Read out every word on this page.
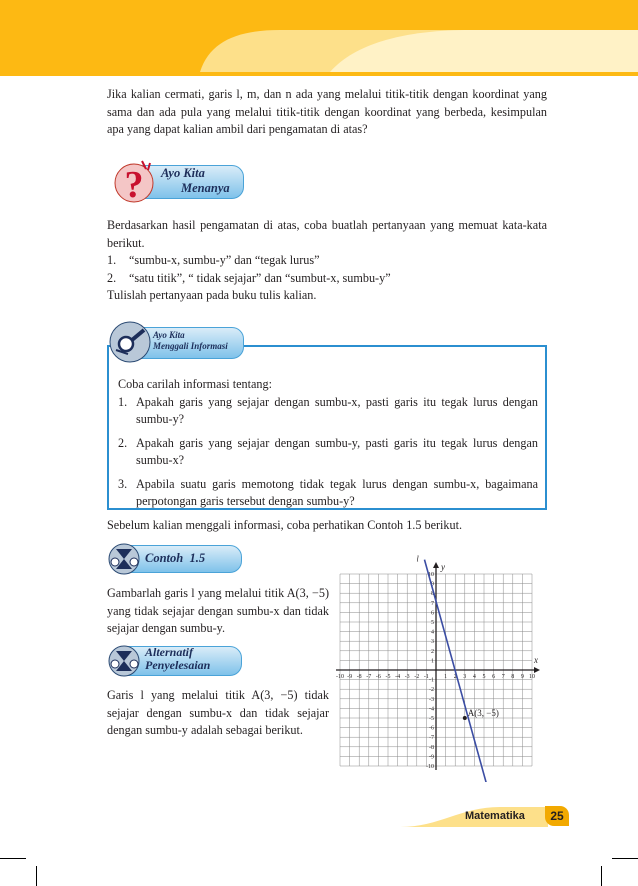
Jika kalian cermati, garis l, m, dan n ada yang melalui titik-titik dengan koordinat yang sama dan ada pula yang melalui titik-titik dengan koordinat yang berbeda, kesimpulan apa yang dapat kalian ambil dari pengamatan di atas?

? Ayo Kita
Menanya

Berdasarkan hasil pengamatan di atas, coba buatlah pertanyaan yang memuat kata-kata berikut.

1. “sumbu-x, sumbu-y” dan “tegak lurus”

2. “satu titik”, “ tidak sejajar” dan “sumbut-x, sumbu-y”

Tulislah pertanyaan pada buku tulis kalian.

Ayo Kita
Menggali Informasi
Coba carilah informasi tentang:
1. Apakah garis yang sejajar dengan sumbu-x, pasti garis itu tegak lurus dengan sumbu-y?
2. Apakah garis yang sejajar dengan sumbu-y, pasti garis itu tegak lurus dengan sumbu-x?
3. Apabila suatu garis memotong tidak tegak lurus dengan sumbu-x, bagaimana perpotongan garis tersebut dengan sumbu-y?

Sebelum kalian menggali informasi, coba perhatikan Contoh 1.5 berikut.

Contoh 1.5

Gambarlah garis l yang melalui titik A(3, −5) yang tidak sejajar dengan sumbu-x dan tidak sejajar dengan sumbu-y.

Alternatif
Penyelesaian

Garis l yang melalui titik A(3, −5) tidak sejajar dengan sumbu-x dan tidak sejajar dengan sumbu-y adalah sebagai berikut.

-10 -9 -8 -7 -6 -5 -4 -3 -2 -1	1 2 3 4 5 6 7 8 9 10
-10
-9
-8
-7
-6
-5
-4
-3
-2
-1
1
2
3
4
5
6
7
8
9
10
l
x
y
A(3, −5)
Matematika	25
